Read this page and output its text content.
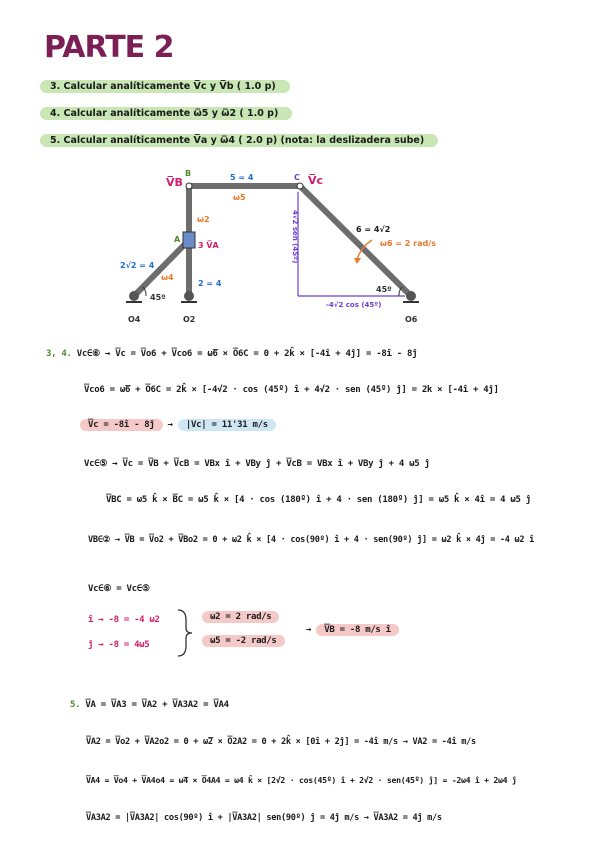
PARTE 2
3. Calcular analíticamente V̅c y V̅b ( 1.0 p)
4. Calcular analíticamente ω̅5 y ω̅2 ( 1.0 p)
5. Calcular analíticamente V̅a y ω̅4 ( 2.0 p) (nota: la deslizadera sube)
V̅B
B	C V̅c
5 = 4
ω5
ω2
A
3 V̅A
2√2 = 4
ω4
2 = 4
45º
O4	O2
4√2 sen (45º)	6 = 4√2
ω6 = 2 rad/s
45º
-4√2 cos (45º)
O6
3, 4. Vc∈⑥ → V̅c = V̅o6 + V̅co6 = ω̅6 × O̅6C = 0 + 2k̂ × [-4î + 4ĵ] = -8î - 8ĵ
V̅co6 = ω̅6 + O̅6C = 2k̂ × [-4√2 · cos (45º) î + 4√2 · sen (45º) ĵ] = 2k × [-4î + 4ĵ]
V̅c = -8î - 8ĵ → |Vc| = 11'31 m/s
Vc∈⑤ → V̅c = V̅B + V̅cB = VBx î + VBy ĵ + V̅cB = VBx î + VBy ĵ + 4 ω5 ĵ
V̅BC = ω5 k̂ × B̅C = ω5 k̂ × [4 · cos (180º) î + 4 · sen (180º) ĵ] = ω5 k̂ × 4î = 4 ω5 ĵ
VB∈② → V̅B = V̅o2 + V̅Bo2 = 0 + ω2 k̂ × [4 · cos(90º) î + 4 · sen(90º) ĵ] = ω2 k̂ × 4ĵ = -4 ω2 î
Vc∈⑥ = Vc∈⑤
î → -8 = -4 ω2
ĵ → -8 = 4ω5
ω2 = 2 rad/s
ω5 = -2 rad/s
→ V̅B = -8 m/s î
5. V̅A = V̅A3 = V̅A2 + V̅A3A2 = V̅A4
V̅A2 = V̅o2 + V̅A2o2 = 0 + ω̅2 × O̅2A2 = 0 + 2k̂ × [0î + 2ĵ] = -4î m/s → VA2 = -4î m/s
V̅A4 = V̅o4 + V̅A4o4 = ω̅4 × O̅4A4 = ω4 k̂ × [2√2 · cos(45º) î + 2√2 · sen(45º) ĵ] = -2ω4 î + 2ω4 ĵ
V̅A3A2 = |V̅A3A2| cos(90º) î + |V̅A3A2| sen(90º) ĵ = 4ĵ m/s → V̅A3A2 = 4ĵ m/s
